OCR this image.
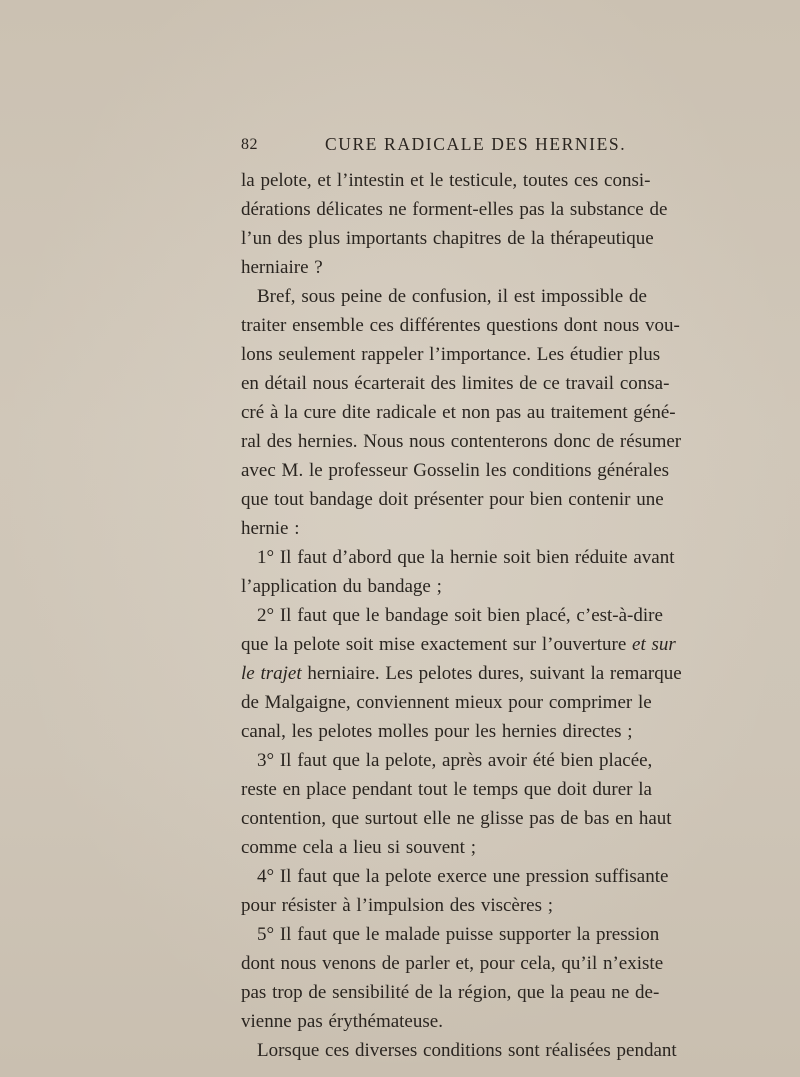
82	CURE RADICALE DES HERNIES.
la pelote, et l’intestin et le testicule, toutes ces consi-
dérations délicates ne forment-elles pas la substance de
l’un des plus importants chapitres de la thérapeutique
herniaire ?
Bref, sous peine de confusion, il est impossible de
traiter ensemble ces différentes questions dont nous vou-
lons seulement rappeler l’importance. Les étudier plus
en détail nous écarterait des limites de ce travail consa-
cré à la cure dite radicale et non pas au traitement géné-
ral des hernies. Nous nous contenterons donc de résumer
avec M. le professeur Gosselin les conditions générales
que tout bandage doit présenter pour bien contenir une
hernie :
1° Il faut d’abord que la hernie soit bien réduite avant
l’application du bandage ;
2° Il faut que le bandage soit bien placé, c’est-à-dire
que la pelote soit mise exactement sur l’ouverture et sur
le trajet herniaire. Les pelotes dures, suivant la remarque
de Malgaigne, conviennent mieux pour comprimer le
canal, les pelotes molles pour les hernies directes ;
3° Il faut que la pelote, après avoir été bien placée,
reste en place pendant tout le temps que doit durer la
contention, que surtout elle ne glisse pas de bas en haut
comme cela a lieu si souvent ;
4° Il faut que la pelote exerce une pression suffisante
pour résister à l’impulsion des viscères ;
5° Il faut que le malade puisse supporter la pression
dont nous venons de parler et, pour cela, qu’il n’existe
pas trop de sensibilité de la région, que la peau ne de-
vienne pas érythémateuse.
Lorsque ces diverses conditions sont réalisées pendant
